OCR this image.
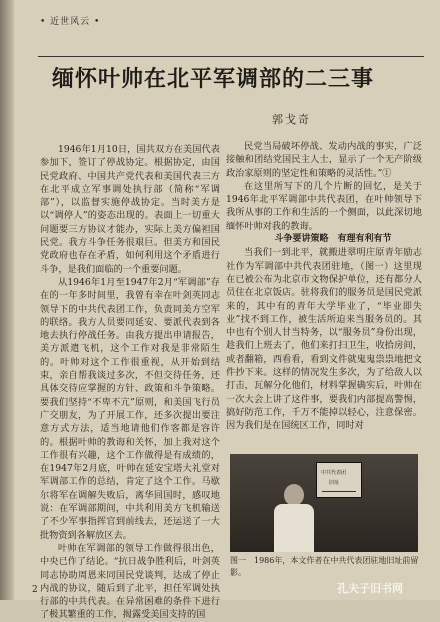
• 近世风云 •
缅怀叶帅在北平军调部的二三事
郭戈奇

1946年1月10日，国共双方在美国代表参加下，签订了停战协定。根据协定，由国民党政府、中国共产党代表和美国代表三方在北平成立军事调处执行部（简称“军调部”），以监督实施停战协定。当时美方是以“调停人”的姿态出现的。表面上一切重大问题要三方协议才能办，实际上美方偏袒国民党。我方斗争任务很艰巨。但美方和国民党政府也存在矛盾，如何利用这个矛盾进行斗争，是我们面临的一个重要问题。

从1946年1月至1947年2月“军调部”存在的一年多时间里，我曾有幸在叶剑英同志领导下的中共代表团工作，负责同美方空军的联络。我方人员要同延安、要派代表到各地去执行停战任务。由我方提出申请报告，美方派遣飞机，这个工作对我是非常陌生的。叶帅对这个工作很重视，从开始到结束，亲自帮我谈过多次，不但交待任务，还具体交待应掌握的方针、政策和斗争策略。要我们坚持“不卑不亢”原则，和美国飞行员广交朋友，为了开展工作，还多次提出要注意方式方法，适当地请他们作客都是容许的。根据叶帅的教诲和关怀，加上我对这个工作很有兴趣，这个工作做得是有成绩的，在1947年2月底，叶帅在延安宝塔大礼堂对军调部工作的总结，肯定了这个工作。马歇尔将军在调解失败后，离华回国时，感叹地说：在军调部期间，中共利用美方飞机输送了不少军事指挥官到前线去，还运送了一大批物资到各解放区去。

叶帅在军调部的领导工作做得很出色，中央已作了结论。“抗日战争胜利后，叶剑英同志协助周恩来同国民党谈判，达成了停止内战的协议，随后到了北平，担任军调处执行部的中共代表。在异常困难的条件下进行了极其繁重的工作，揭露受美国支持的国

民党当局破坏停战、发动内战的事实，广泛接触和团结党国民主人士，显示了一个无产阶级政治家原则的坚定性和策略的灵活性。”①

在这里所写下的几个片断的回忆，是关于1946年北平军调部中共代表团，在叶帅领导下我所从事的工作和生活的一个侧面，以此深切地缅怀叶帅对我的教诲。

斗争要讲策略　有理有利有节

当我们一到北平，就搬进翠明庄原青年励志社作为军调部中共代表团驻地，（图一）这里现在已被公布为北京市文物保护单位，还有都分人员住在北京饭店。驻将我们的服务员是国民党派来的，其中有的青年大学毕业了，“毕业即失业”找不到工作，被生活所迫来当服务员的。其中也有个别人甘当特务，以“服务员”身份出现，趁我们上班去了，他们来打扫卫生，收拾房间，或者翻箱，西看看，看到文件就鬼鬼祟祟地把文件抄下来。这样的情况发生多次，为了给敌人以打击，瓦解分化他们，材料掌握确实后，叶帅在一次大会上讲了这件事，要我们内部提高警惕，搞好防范工作，千万不能掉以轻心，注意保密。因为我们是在国统区工作，同时对

中共代表团
旧址
图一　1986年，本文作者在中共代表团驻地旧址前留影。
2	孔夫子旧书网
